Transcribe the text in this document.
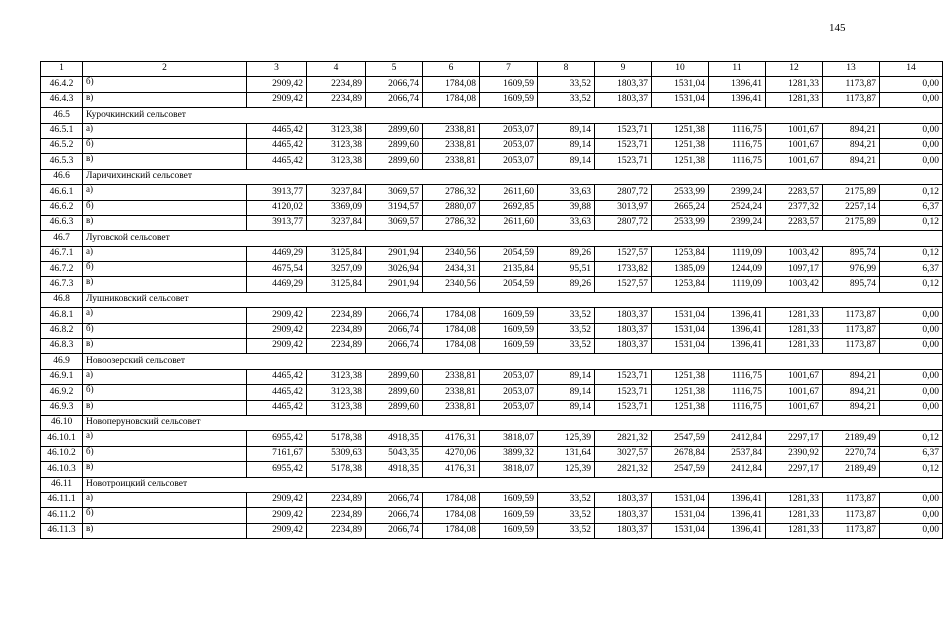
145
1	2	3	4	5	6	7	8	9	10	11	12	13	14
46.4.2	б)	2909,42	2234,89	2066,74	1784,08	1609,59	33,52	1803,37	1531,04	1396,41	1281,33	1173,87	0,00
46.4.3	в)	2909,42	2234,89	2066,74	1784,08	1609,59	33,52	1803,37	1531,04	1396,41	1281,33	1173,87	0,00
46.5	Курочкинский сельсовет												
46.5.1	а)	4465,42	3123,38	2899,60	2338,81	2053,07	89,14	1523,71	1251,38	1116,75	1001,67	894,21	0,00
46.5.2	б)	4465,42	3123,38	2899,60	2338,81	2053,07	89,14	1523,71	1251,38	1116,75	1001,67	894,21	0,00
46.5.3	в)	4465,42	3123,38	2899,60	2338,81	2053,07	89,14	1523,71	1251,38	1116,75	1001,67	894,21	0,00
46.6	Ларичихинский сельсовет												
46.6.1	а)	3913,77	3237,84	3069,57	2786,32	2611,60	33,63	2807,72	2533,99	2399,24	2283,57	2175,89	0,12
46.6.2	б)	4120,02	3369,09	3194,57	2880,07	2692,85	39,88	3013,97	2665,24	2524,24	2377,32	2257,14	6,37
46.6.3	в)	3913,77	3237,84	3069,57	2786,32	2611,60	33,63	2807,72	2533,99	2399,24	2283,57	2175,89	0,12
46.7	Луговской сельсовет												
46.7.1	а)	4469,29	3125,84	2901,94	2340,56	2054,59	89,26	1527,57	1253,84	1119,09	1003,42	895,74	0,12
46.7.2	б)	4675,54	3257,09	3026,94	2434,31	2135,84	95,51	1733,82	1385,09	1244,09	1097,17	976,99	6,37
46.7.3	в)	4469,29	3125,84	2901,94	2340,56	2054,59	89,26	1527,57	1253,84	1119,09	1003,42	895,74	0,12
46.8	Лушниковский сельсовет												
46.8.1	а)	2909,42	2234,89	2066,74	1784,08	1609,59	33,52	1803,37	1531,04	1396,41	1281,33	1173,87	0,00
46.8.2	б)	2909,42	2234,89	2066,74	1784,08	1609,59	33,52	1803,37	1531,04	1396,41	1281,33	1173,87	0,00
46.8.3	в)	2909,42	2234,89	2066,74	1784,08	1609,59	33,52	1803,37	1531,04	1396,41	1281,33	1173,87	0,00
46.9	Новоозерский сельсовет												
46.9.1	а)	4465,42	3123,38	2899,60	2338,81	2053,07	89,14	1523,71	1251,38	1116,75	1001,67	894,21	0,00
46.9.2	б)	4465,42	3123,38	2899,60	2338,81	2053,07	89,14	1523,71	1251,38	1116,75	1001,67	894,21	0,00
46.9.3	в)	4465,42	3123,38	2899,60	2338,81	2053,07	89,14	1523,71	1251,38	1116,75	1001,67	894,21	0,00
46.10	Новоперуновский сельсовет												
46.10.1	а)	6955,42	5178,38	4918,35	4176,31	3818,07	125,39	2821,32	2547,59	2412,84	2297,17	2189,49	0,12
46.10.2	б)	7161,67	5309,63	5043,35	4270,06	3899,32	131,64	3027,57	2678,84	2537,84	2390,92	2270,74	6,37
46.10.3	в)	6955,42	5178,38	4918,35	4176,31	3818,07	125,39	2821,32	2547,59	2412,84	2297,17	2189,49	0,12
46.11	Новотроицкий сельсовет												
46.11.1	а)	2909,42	2234,89	2066,74	1784,08	1609,59	33,52	1803,37	1531,04	1396,41	1281,33	1173,87	0,00
46.11.2	б)	2909,42	2234,89	2066,74	1784,08	1609,59	33,52	1803,37	1531,04	1396,41	1281,33	1173,87	0,00
46.11.3	в)	2909,42	2234,89	2066,74	1784,08	1609,59	33,52	1803,37	1531,04	1396,41	1281,33	1173,87	0,00
